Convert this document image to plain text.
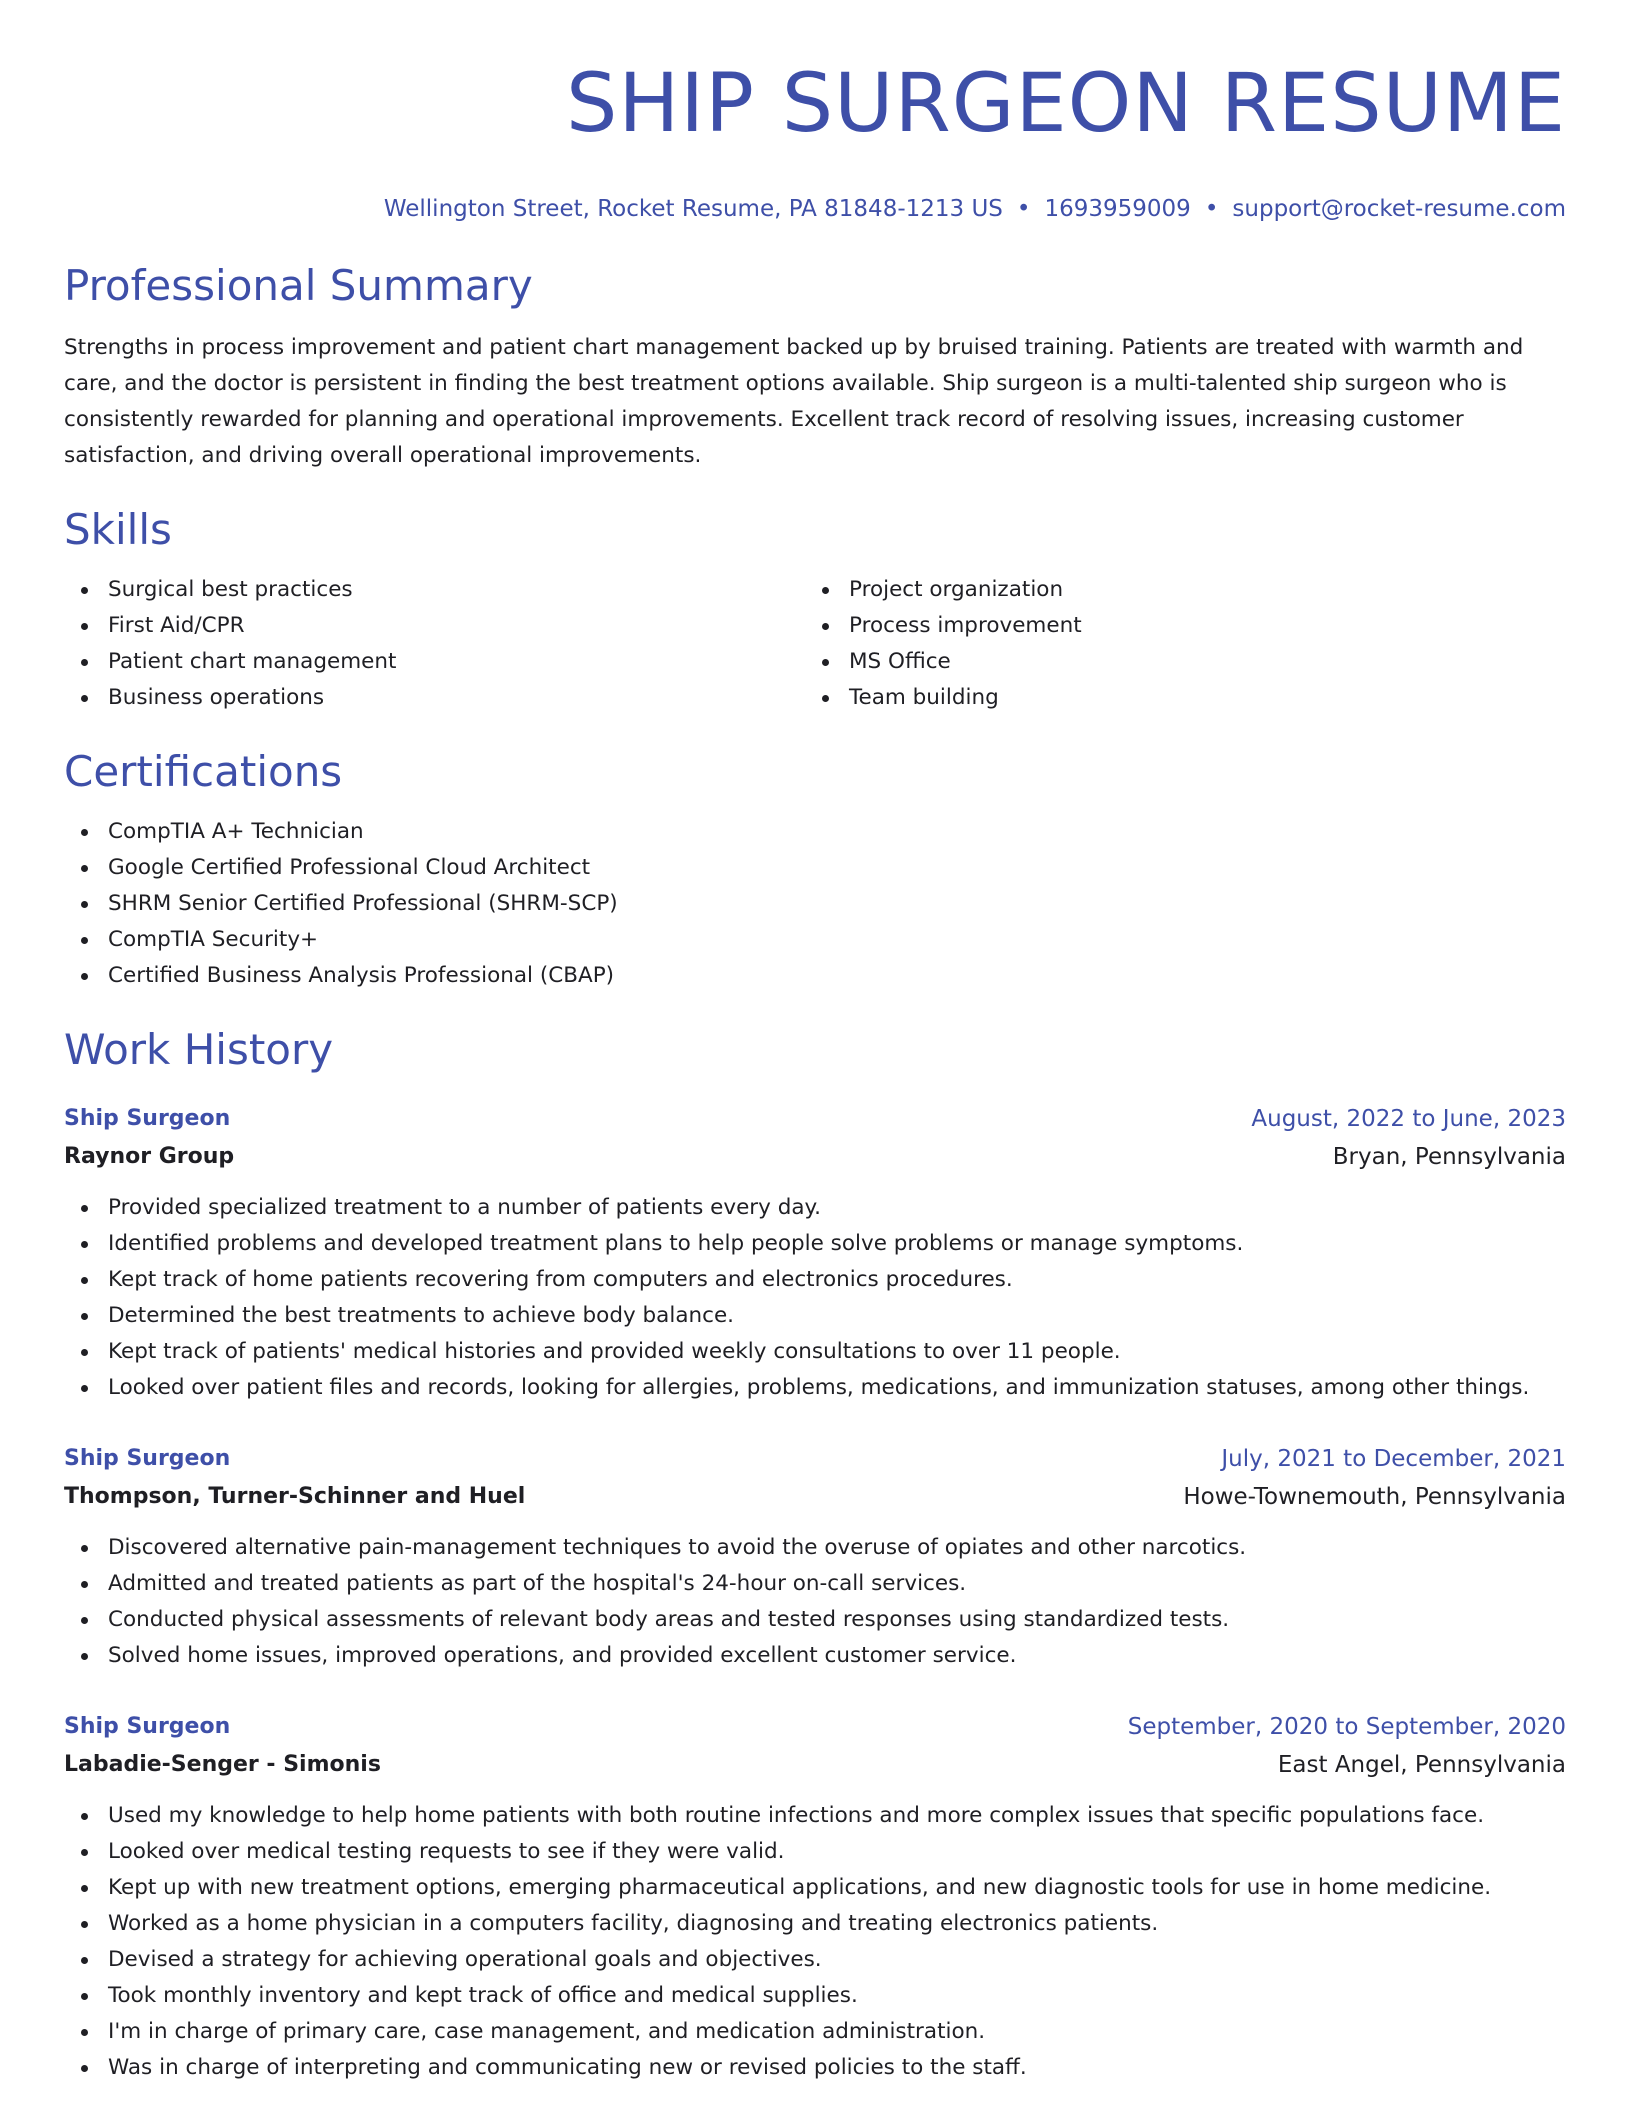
SHIP SURGEON RESUME
Wellington Street, Rocket Resume, PA 81848-1213 US • 1693959009 • support@rocket-resume.com
Professional Summary

Strengths in process improvement and patient chart management backed up by bruised training. Patients are treated with warmth and care, and the doctor is persistent in finding the best treatment options available. Ship surgeon is a multi-talented ship surgeon who is consistently rewarded for planning and operational improvements. Excellent track record of resolving issues, increasing customer satisfaction, and driving overall operational improvements.

Skills
Surgical best practices
First Aid/CPR
Patient chart management
Business operations
Project organization
Process improvement
MS Office
Team building
Certifications
CompTIA A+ Technician
Google Certified Professional Cloud Architect
SHRM Senior Certified Professional (SHRM-SCP)
CompTIA Security+
Certified Business Analysis Professional (CBAP)
Work History
Ship Surgeon	August, 2022 to June, 2023
Raynor Group	Bryan, Pennsylvania
Provided specialized treatment to a number of patients every day.
Identified problems and developed treatment plans to help people solve problems or manage symptoms.
Kept track of home patients recovering from computers and electronics procedures.
Determined the best treatments to achieve body balance.
Kept track of patients' medical histories and provided weekly consultations to over 11 people.
Looked over patient files and records, looking for allergies, problems, medications, and immunization statuses, among other things.
Ship Surgeon	July, 2021 to December, 2021
Thompson, Turner-Schinner and Huel	Howe-Townemouth, Pennsylvania
Discovered alternative pain-management techniques to avoid the overuse of opiates and other narcotics.
Admitted and treated patients as part of the hospital's 24-hour on-call services.
Conducted physical assessments of relevant body areas and tested responses using standardized tests.
Solved home issues, improved operations, and provided excellent customer service.
Ship Surgeon	September, 2020 to September, 2020
Labadie-Senger - Simonis	East Angel, Pennsylvania
Used my knowledge to help home patients with both routine infections and more complex issues that specific populations face.
Looked over medical testing requests to see if they were valid.
Kept up with new treatment options, emerging pharmaceutical applications, and new diagnostic tools for use in home medicine.
Worked as a home physician in a computers facility, diagnosing and treating electronics patients.
Devised a strategy for achieving operational goals and objectives.
Took monthly inventory and kept track of office and medical supplies.
I'm in charge of primary care, case management, and medication administration.
Was in charge of interpreting and communicating new or revised policies to the staff.
